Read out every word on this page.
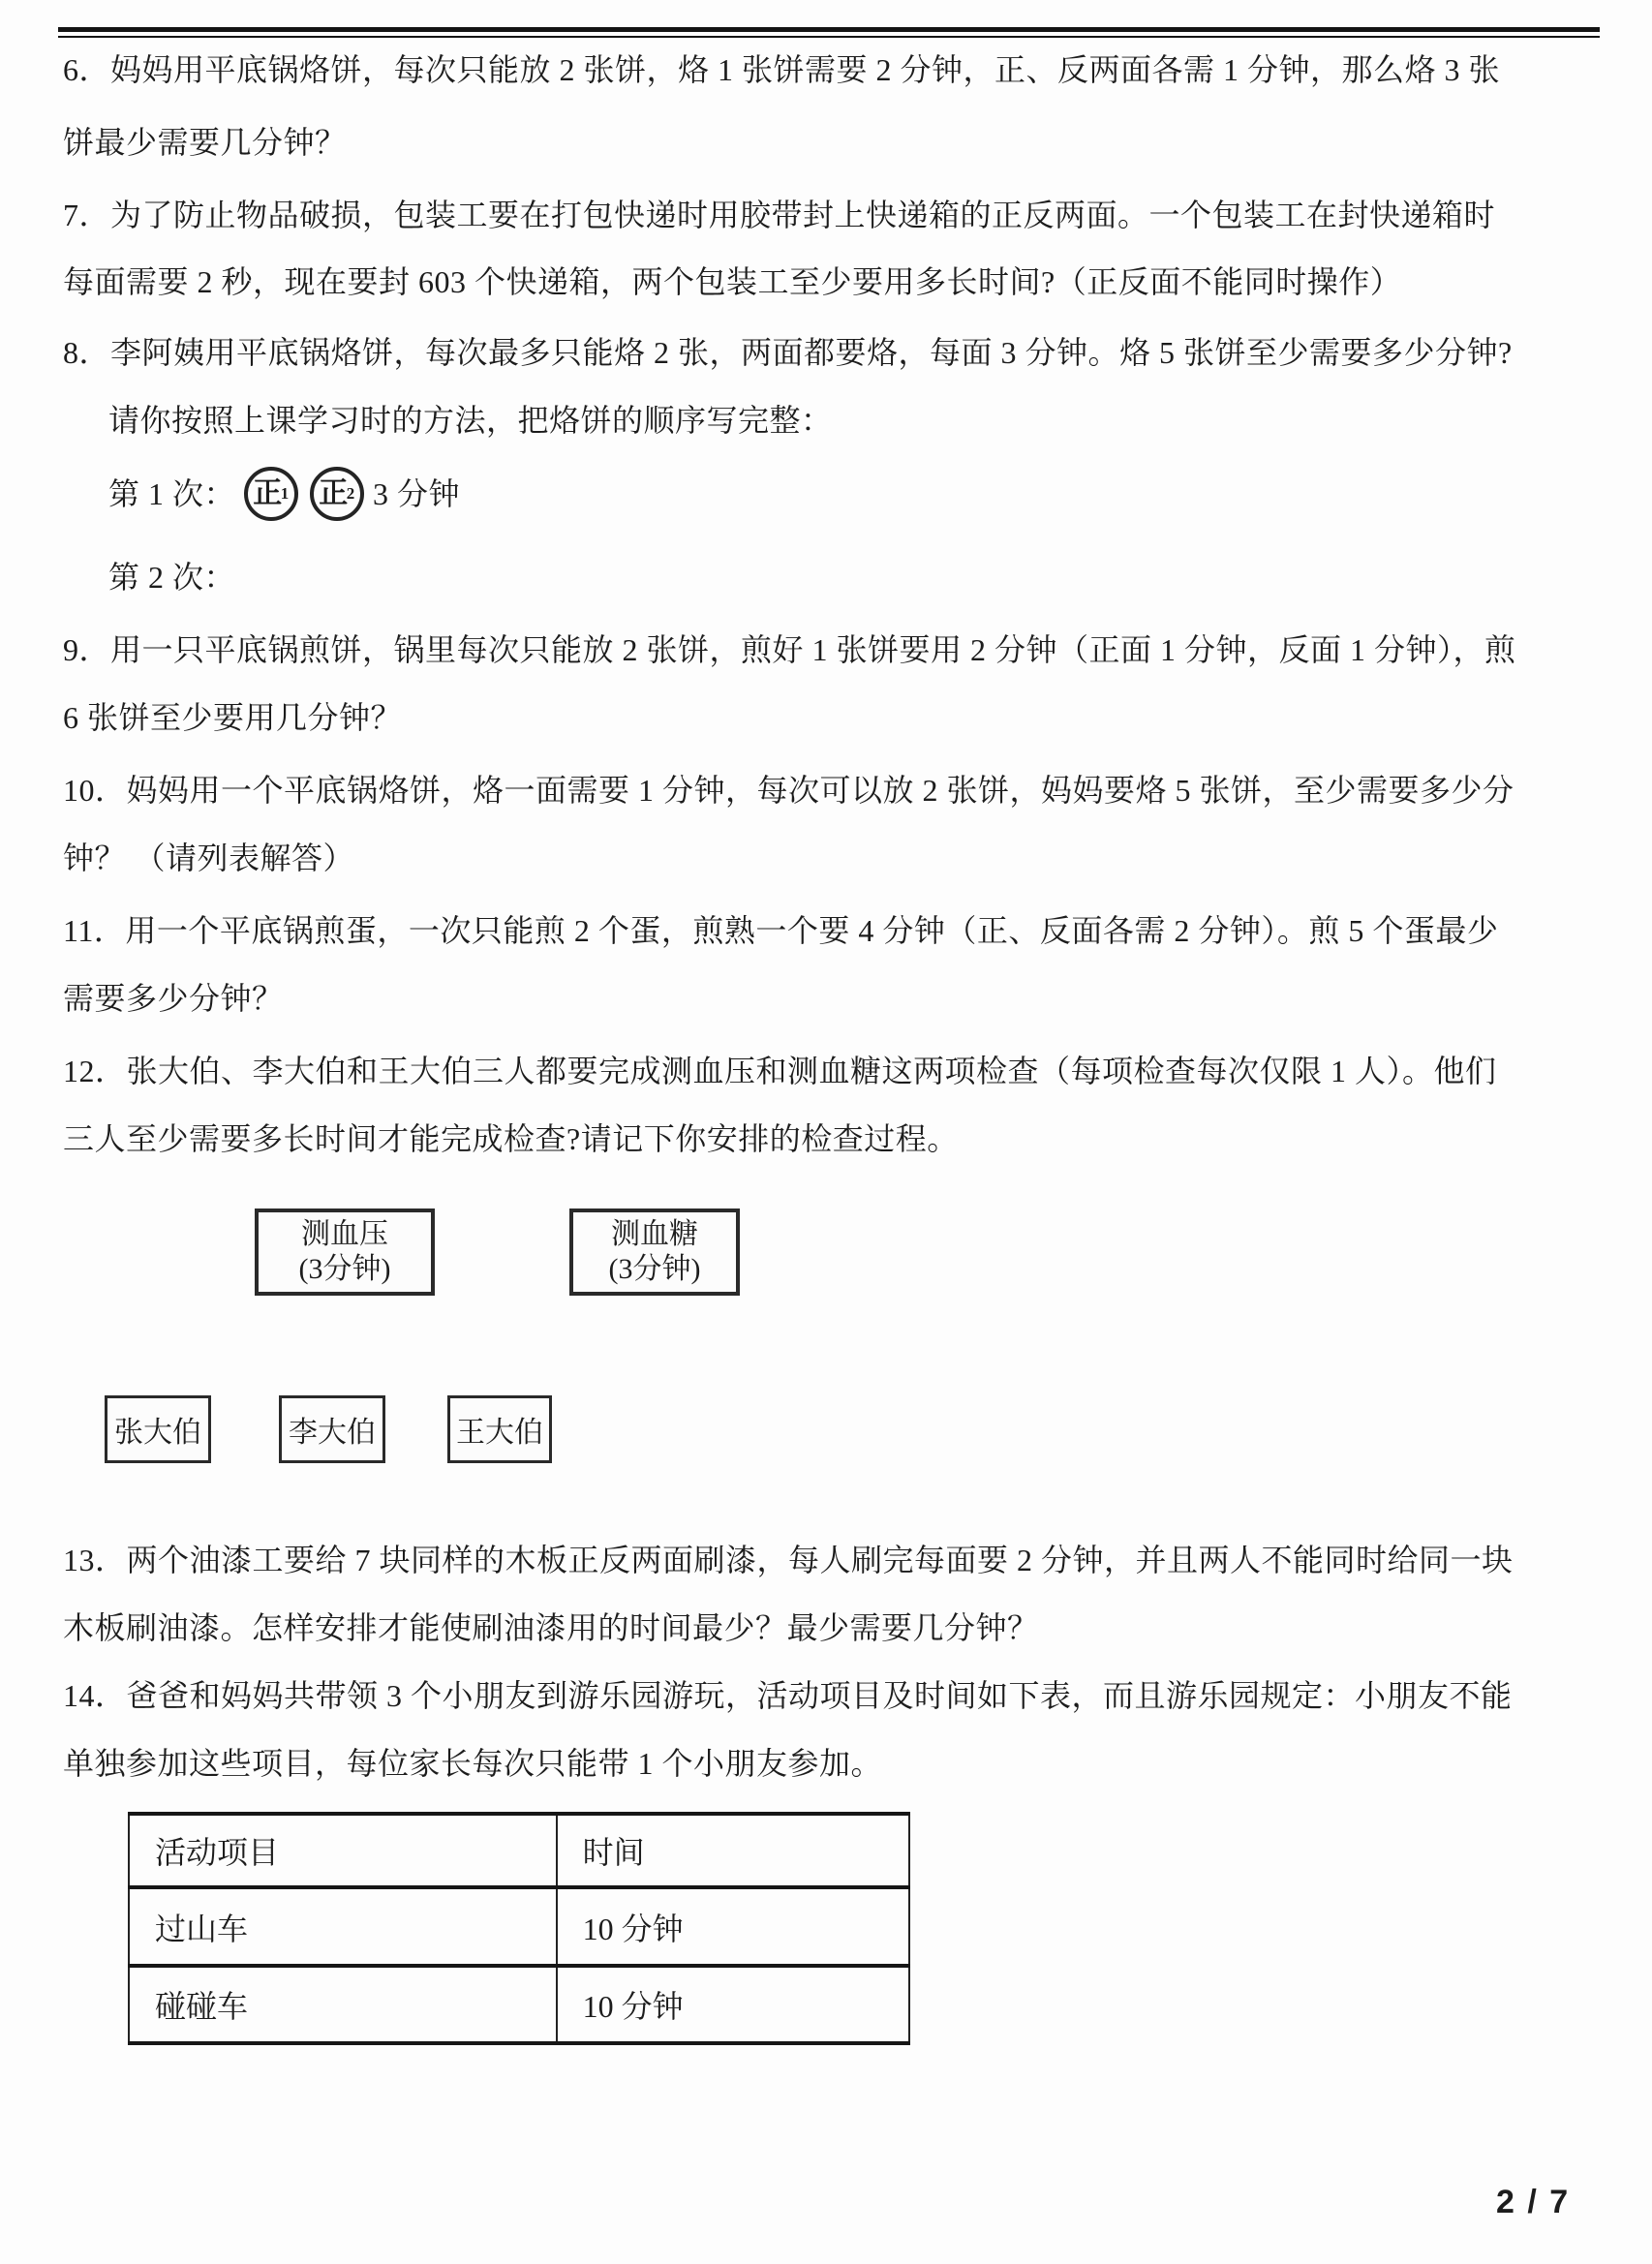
6．妈妈用平底锅烙饼，每次只能放 2 张饼，烙 1 张饼需要 2 分钟，正、反两面各需 1 分钟，那么烙 3 张
饼最少需要几分钟？
7．为了防止物品破损，包装工要在打包快递时用胶带封上快递箱的正反两面。一个包装工在封快递箱时
每面需要 2 秒，现在要封 603 个快递箱，两个包装工至少要用多长时间?（正反面不能同时操作）
8．李阿姨用平底锅烙饼，每次最多只能烙 2 张，两面都要烙，每面 3 分钟。烙 5 张饼至少需要多少分钟?
请你按照上课学习时的方法，把烙饼的顺序写完整：
第 1 次： 正
1 正
2 3 分钟
第 2 次：
9．用一只平底锅煎饼，锅里每次只能放 2 张饼，煎好 1 张饼要用 2 分钟（正面 1 分钟，反面 1 分钟），煎
6 张饼至少要用几分钟？
10．妈妈用一个平底锅烙饼，烙一面需要 1 分钟，每次可以放 2 张饼，妈妈要烙 5 张饼，至少需要多少分
钟？ （请列表解答）
11．用一个平底锅煎蛋，一次只能煎 2 个蛋，煎熟一个要 4 分钟（正、反面各需 2 分钟）。煎 5 个蛋最少
需要多少分钟？
12．张大伯、李大伯和王大伯三人都要完成测血压和测血糖这两项检查（每项检查每次仅限 1 人）。他们
三人至少需要多长时间才能完成检查?请记下你安排的检查过程。
测血压
(3分钟)
测血糖
(3分钟)
张大伯	李大伯	王大伯
13．两个油漆工要给 7 块同样的木板正反两面刷漆，每人刷完每面要 2 分钟，并且两人不能同时给同一块
木板刷油漆。怎样安排才能使刷油漆用的时间最少？最少需要几分钟？
14．爸爸和妈妈共带领 3 个小朋友到游乐园游玩，活动项目及时间如下表，而且游乐园规定：小朋友不能
单独参加这些项目，每位家长每次只能带 1 个小朋友参加。
活动项目	时间
过山车	10 分钟
碰碰车	10 分钟
2 / 7
